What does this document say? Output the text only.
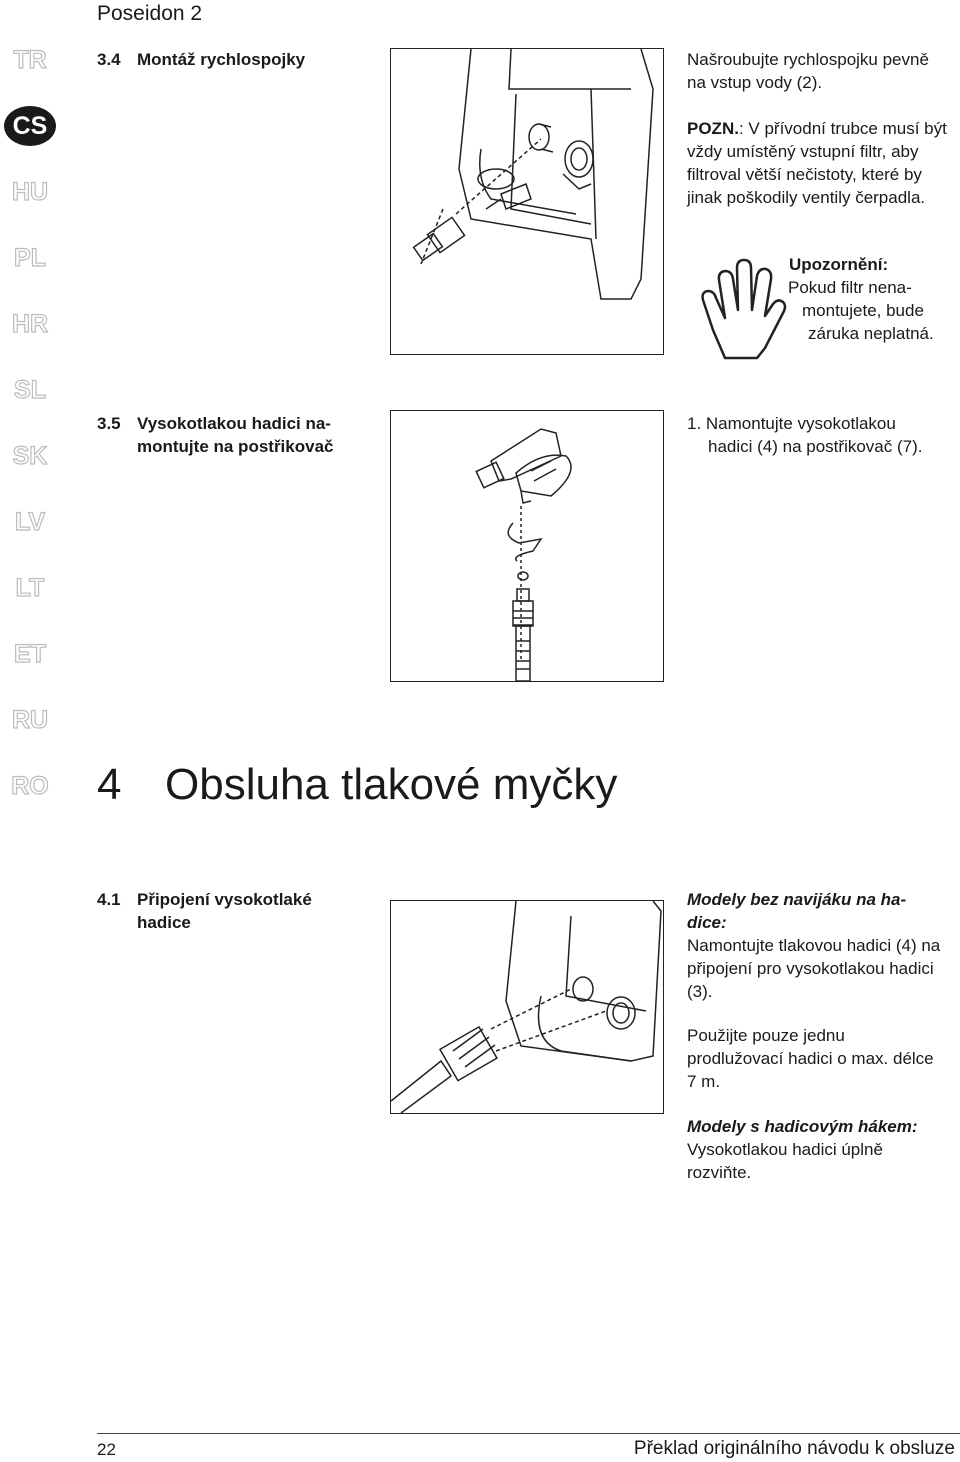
Poseidon 2
TR
CS
HU
PL
HR
SL
SK
LV
LT
ET
RU
RO
3.4 Montáž rychlospojky	Našroubujte rychlospojku pevně na vstup vody (2).
POZN.: V přívodní trubce musí být vždy umístěný vstupní filtr, aby filtroval větší nečistoty, které by jinak poškodily ventily čerpadla.
Upozornění:
Pokud filtr nena-
montujete, bude
záruka neplatná.
3.5 Vysokotlakou hadici na-
montujte na postřikovač
1. Namontujte vysokotlakou
hadici (4) na postřikovač (7).
4 Obsluha tlakové myčky
4.1 Připojení vysokotlaké
hadice
Modely bez navijáku na ha-
dice:
Namontujte tlakovou hadici (4) na připojení pro vysokotlakou hadici (3).
Použijte pouze jednu prodlužovací hadici o max. délce 7 m.
Modely s hadicovým hákem:
Vysokotlakou hadici úplně rozviňte.
22	Překlad originálního návodu k obsluze
